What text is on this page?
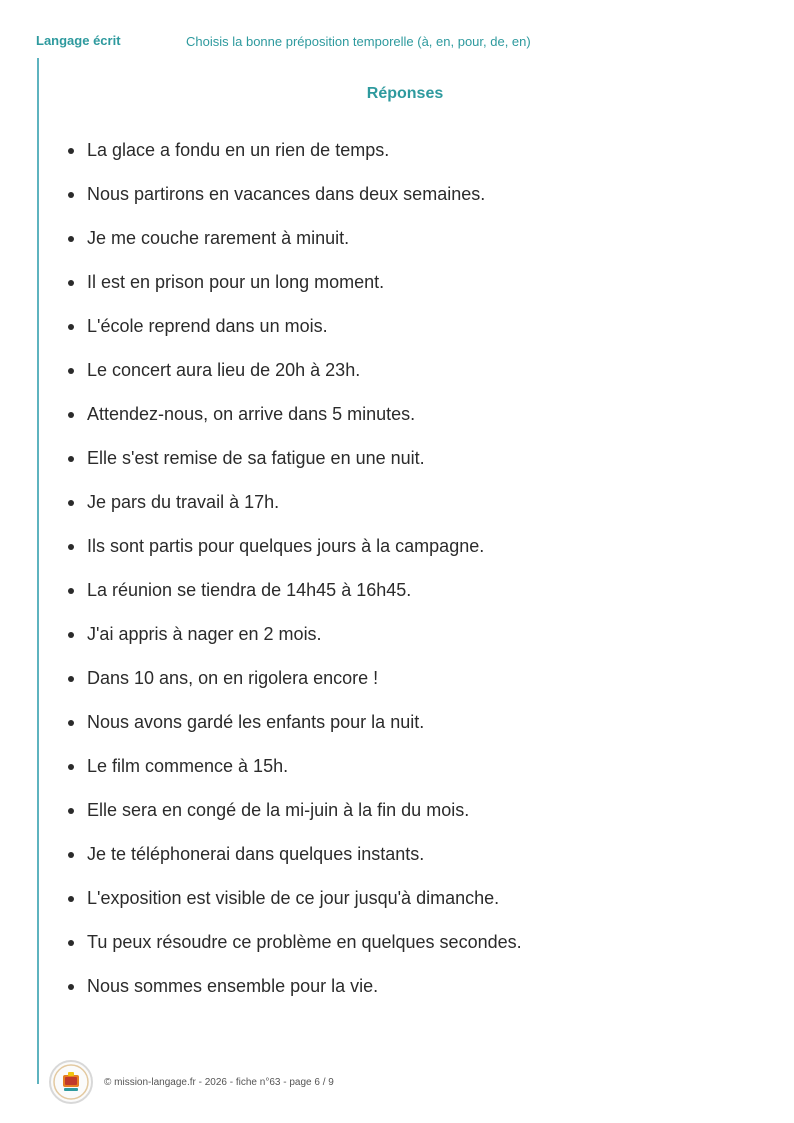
Langage écrit	Choisis la bonne préposition temporelle (à, en, pour, de, en)
Réponses
La glace a fondu en un rien de temps.
Nous partirons en vacances dans deux semaines.
Je me couche rarement à minuit.
Il est en prison pour un long moment.
L'école reprend dans un mois.
Le concert aura lieu de 20h à 23h.
Attendez-nous, on arrive dans 5 minutes.
Elle s'est remise de sa fatigue en une nuit.
Je pars du travail à 17h.
Ils sont partis pour quelques jours à la campagne.
La réunion se tiendra de 14h45 à 16h45.
J'ai appris à nager en 2 mois.
Dans 10 ans, on en rigolera encore !
Nous avons gardé les enfants pour la nuit.
Le film commence à 15h.
Elle sera en congé de la mi-juin à la fin du mois.
Je te téléphonerai dans quelques instants.
L'exposition est visible de ce jour jusqu'à dimanche.
Tu peux résoudre ce problème en quelques secondes.
Nous sommes ensemble pour la vie.
© mission-langage.fr - 2026 - fiche n°63 - page 6 / 9
